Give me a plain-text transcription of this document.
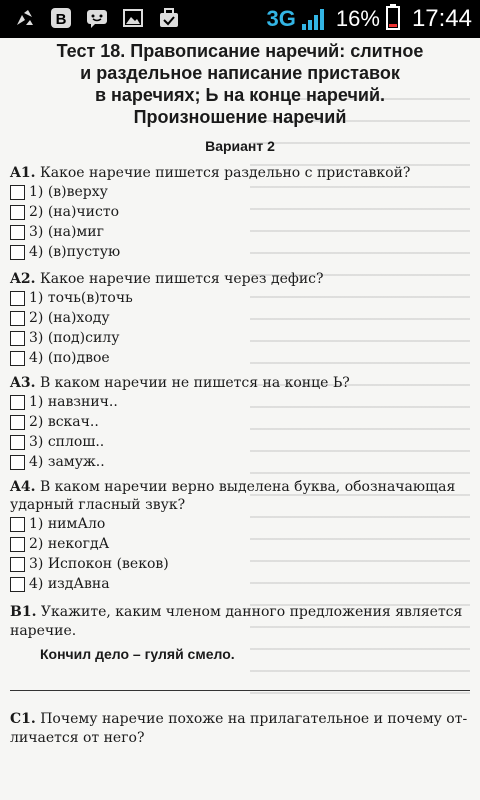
B	3G 16% 17:44
Тест 18. Правописание наречий: слитное
и раздельное написание приставок
в наречиях; Ь на конце наречий.
Произношение наречий
Вариант 2
A1. Какое наречие пишется раздельно с приставкой?
1) (в)верху
2) (на)чисто
3) (на)миг
4) (в)пустую
A2. Какое наречие пишется через дефис?
1) точь(в)точь
2) (на)ходу
3) (под)силу
4) (по)двое
A3. В каком наречии не пишется на конце Ь?
1) навзнич..
2) вскач..
3) сплош..
4) замуж..
A4. В каком наречии верно выделена буква, обозначающая ударный гласный звук?
1) нимАло
2) некогдА
3) Испокон (веков)
4) издАвна
B1. Укажите, каким членом данного предложения является наречие.
Кончил дело – гуляй смело.
C1. Почему наречие похоже на прилагательное и почему от-личается от него?
